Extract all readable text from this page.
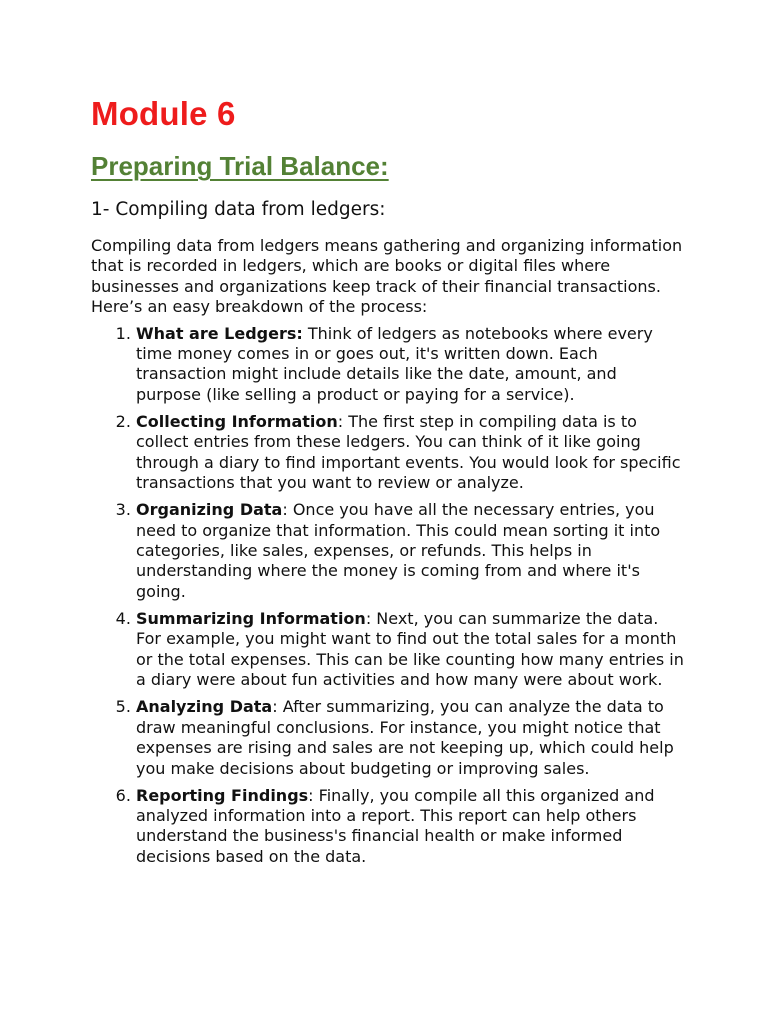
Module 6
Preparing Trial Balance:
1- Compiling data from ledgers:

Compiling data from ledgers means gathering and organizing information that is recorded in ledgers, which are books or digital files where businesses and organizations keep track of their financial transactions. Here’s an easy breakdown of the process:

1. What are Ledgers: Think of ledgers as notebooks where every time money comes in or goes out, it's written down. Each transaction might include details like the date, amount, and purpose (like selling a product or paying for a service).
2. Collecting Information: The first step in compiling data is to collect entries from these ledgers. You can think of it like going through a diary to find important events. You would look for specific transactions that you want to review or analyze.
3. Organizing Data: Once you have all the necessary entries, you need to organize that information. This could mean sorting it into categories, like sales, expenses, or refunds. This helps in understanding where the money is coming from and where it's going.
4. Summarizing Information: Next, you can summarize the data. For example, you might want to find out the total sales for a month or the total expenses. This can be like counting how many entries in a diary were about fun activities and how many were about work.
5. Analyzing Data: After summarizing, you can analyze the data to draw meaningful conclusions. For instance, you might notice that expenses are rising and sales are not keeping up, which could help you make decisions about budgeting or improving sales.
6. Reporting Findings: Finally, you compile all this organized and analyzed information into a report. This report can help others understand the business's financial health or make informed decisions based on the data.
